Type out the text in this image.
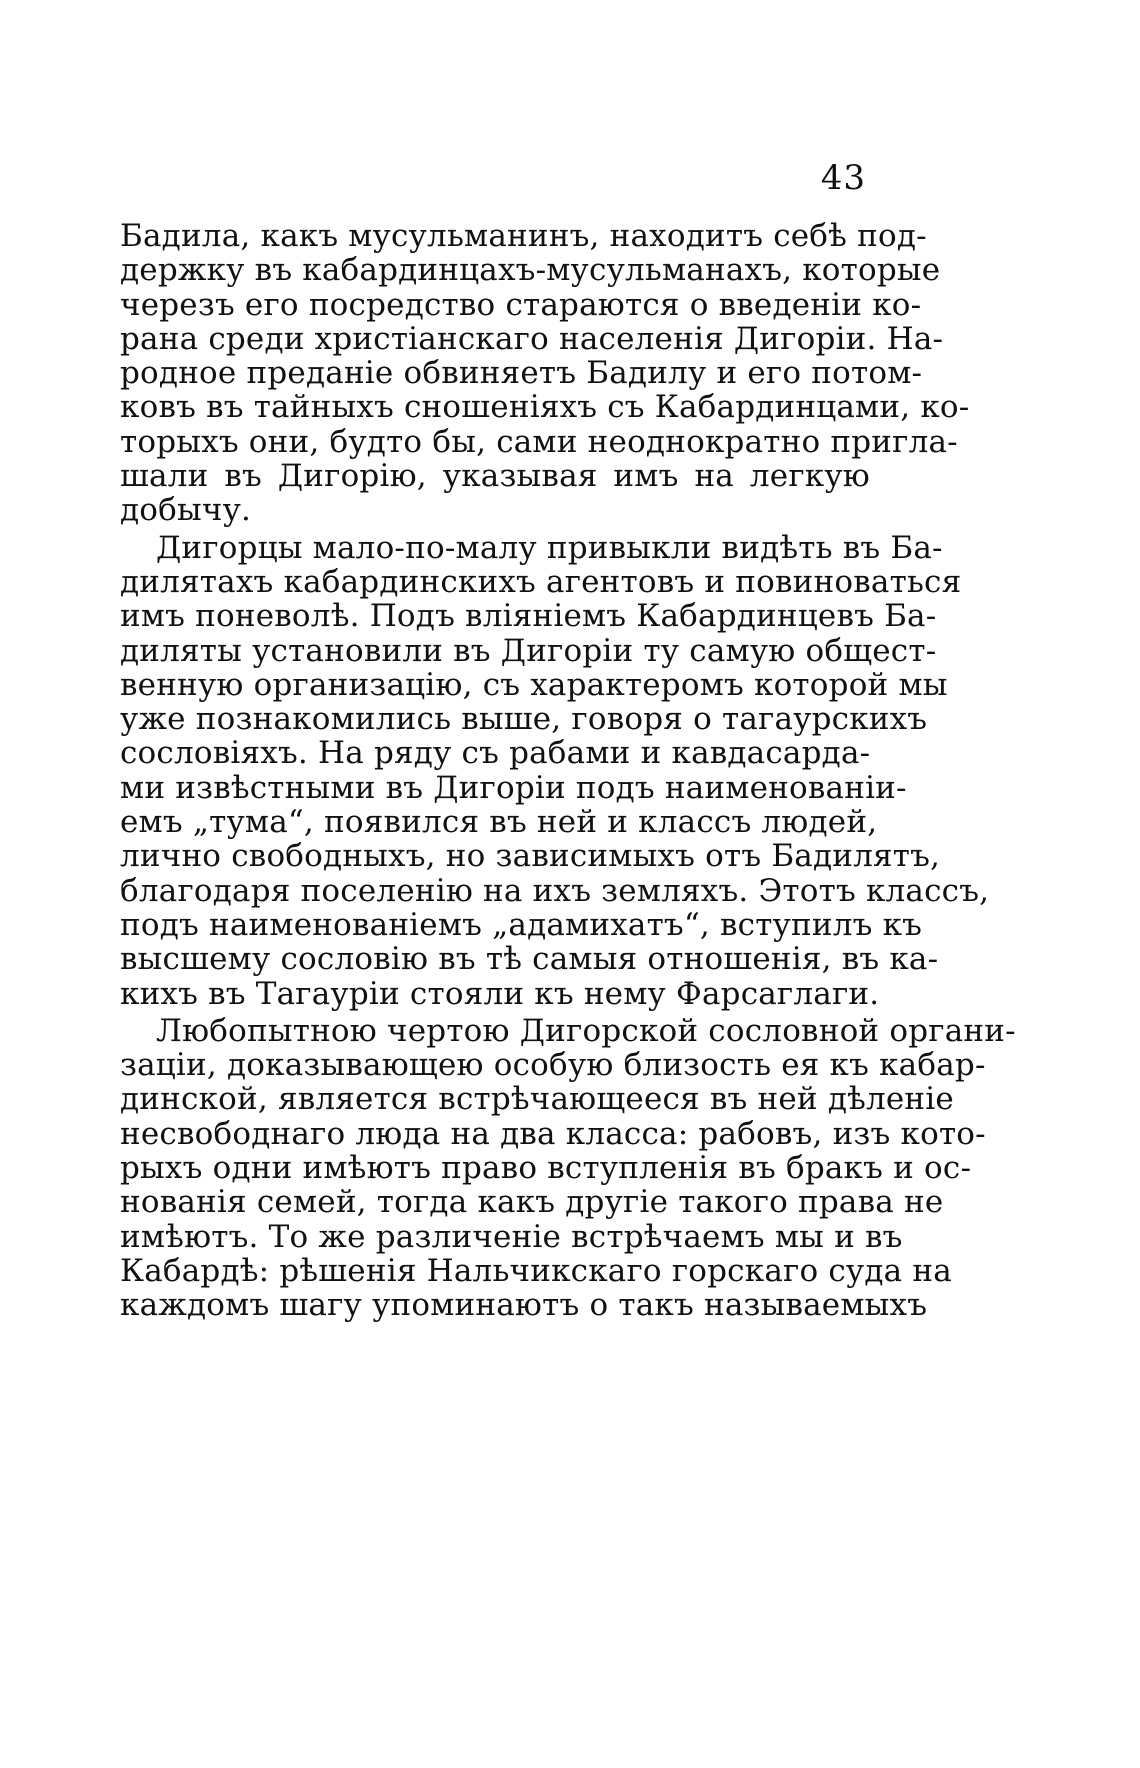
43
Бадила, какъ мусульманинъ, находитъ себѣ под-
держку въ кабардинцахъ-мусульманахъ, которые
черезъ его посредство стараются о введеніи ко-
рана среди христіанскаго населенія Дигоріи. На-
родное преданіе обвиняетъ Бадилу и его потом-
ковъ въ тайныхъ сношеніяхъ съ Кабардинцами, ко-
торыхъ они, будто бы, сами неоднократно пригла-
шали въ Дигорію, указывая имъ на легкую
добычу.
Дигорцы мало-по-малу привыкли видѣть въ Ба-
дилятахъ кабардинскихъ агентовъ и повиноваться
имъ поневолѣ. Подъ вліяніемъ Кабардинцевъ Ба-
диляты установили въ Дигоріи ту самую общест-
венную организацію, съ характеромъ которой мы
уже познакомились выше, говоря о тагаурскихъ
сословіяхъ. На ряду съ рабами и кавдасарда-
ми извѣстными въ Дигоріи подъ наименованіи-
емъ „тума“, появился въ ней и классъ людей,
лично свободныхъ, но зависимыхъ отъ Бадилятъ,
благодаря поселенію на ихъ земляхъ. Этотъ классъ,
подъ наименованіемъ „адамихатъ“, вступилъ къ
высшему сословію въ тѣ самыя отношенія, въ ка-
кихъ въ Тагауріи стояли къ нему Фарсаглаги.
Любопытною чертою Дигорской сословной органи-
заціи, доказывающею особую близость ея къ кабар-
динской, является встрѣчающееся въ ней дѣленіе
несвободнаго люда на два класса: рабовъ, изъ кото-
рыхъ одни имѣютъ право вступленія въ бракъ и ос-
нованія семей, тогда какъ другіе такого права не
имѣютъ. То же различеніе встрѣчаемъ мы и въ
Кабардѣ: рѣшенія Нальчикскаго горскаго суда на
каждомъ шагу упоминаютъ о такъ называемыхъ
